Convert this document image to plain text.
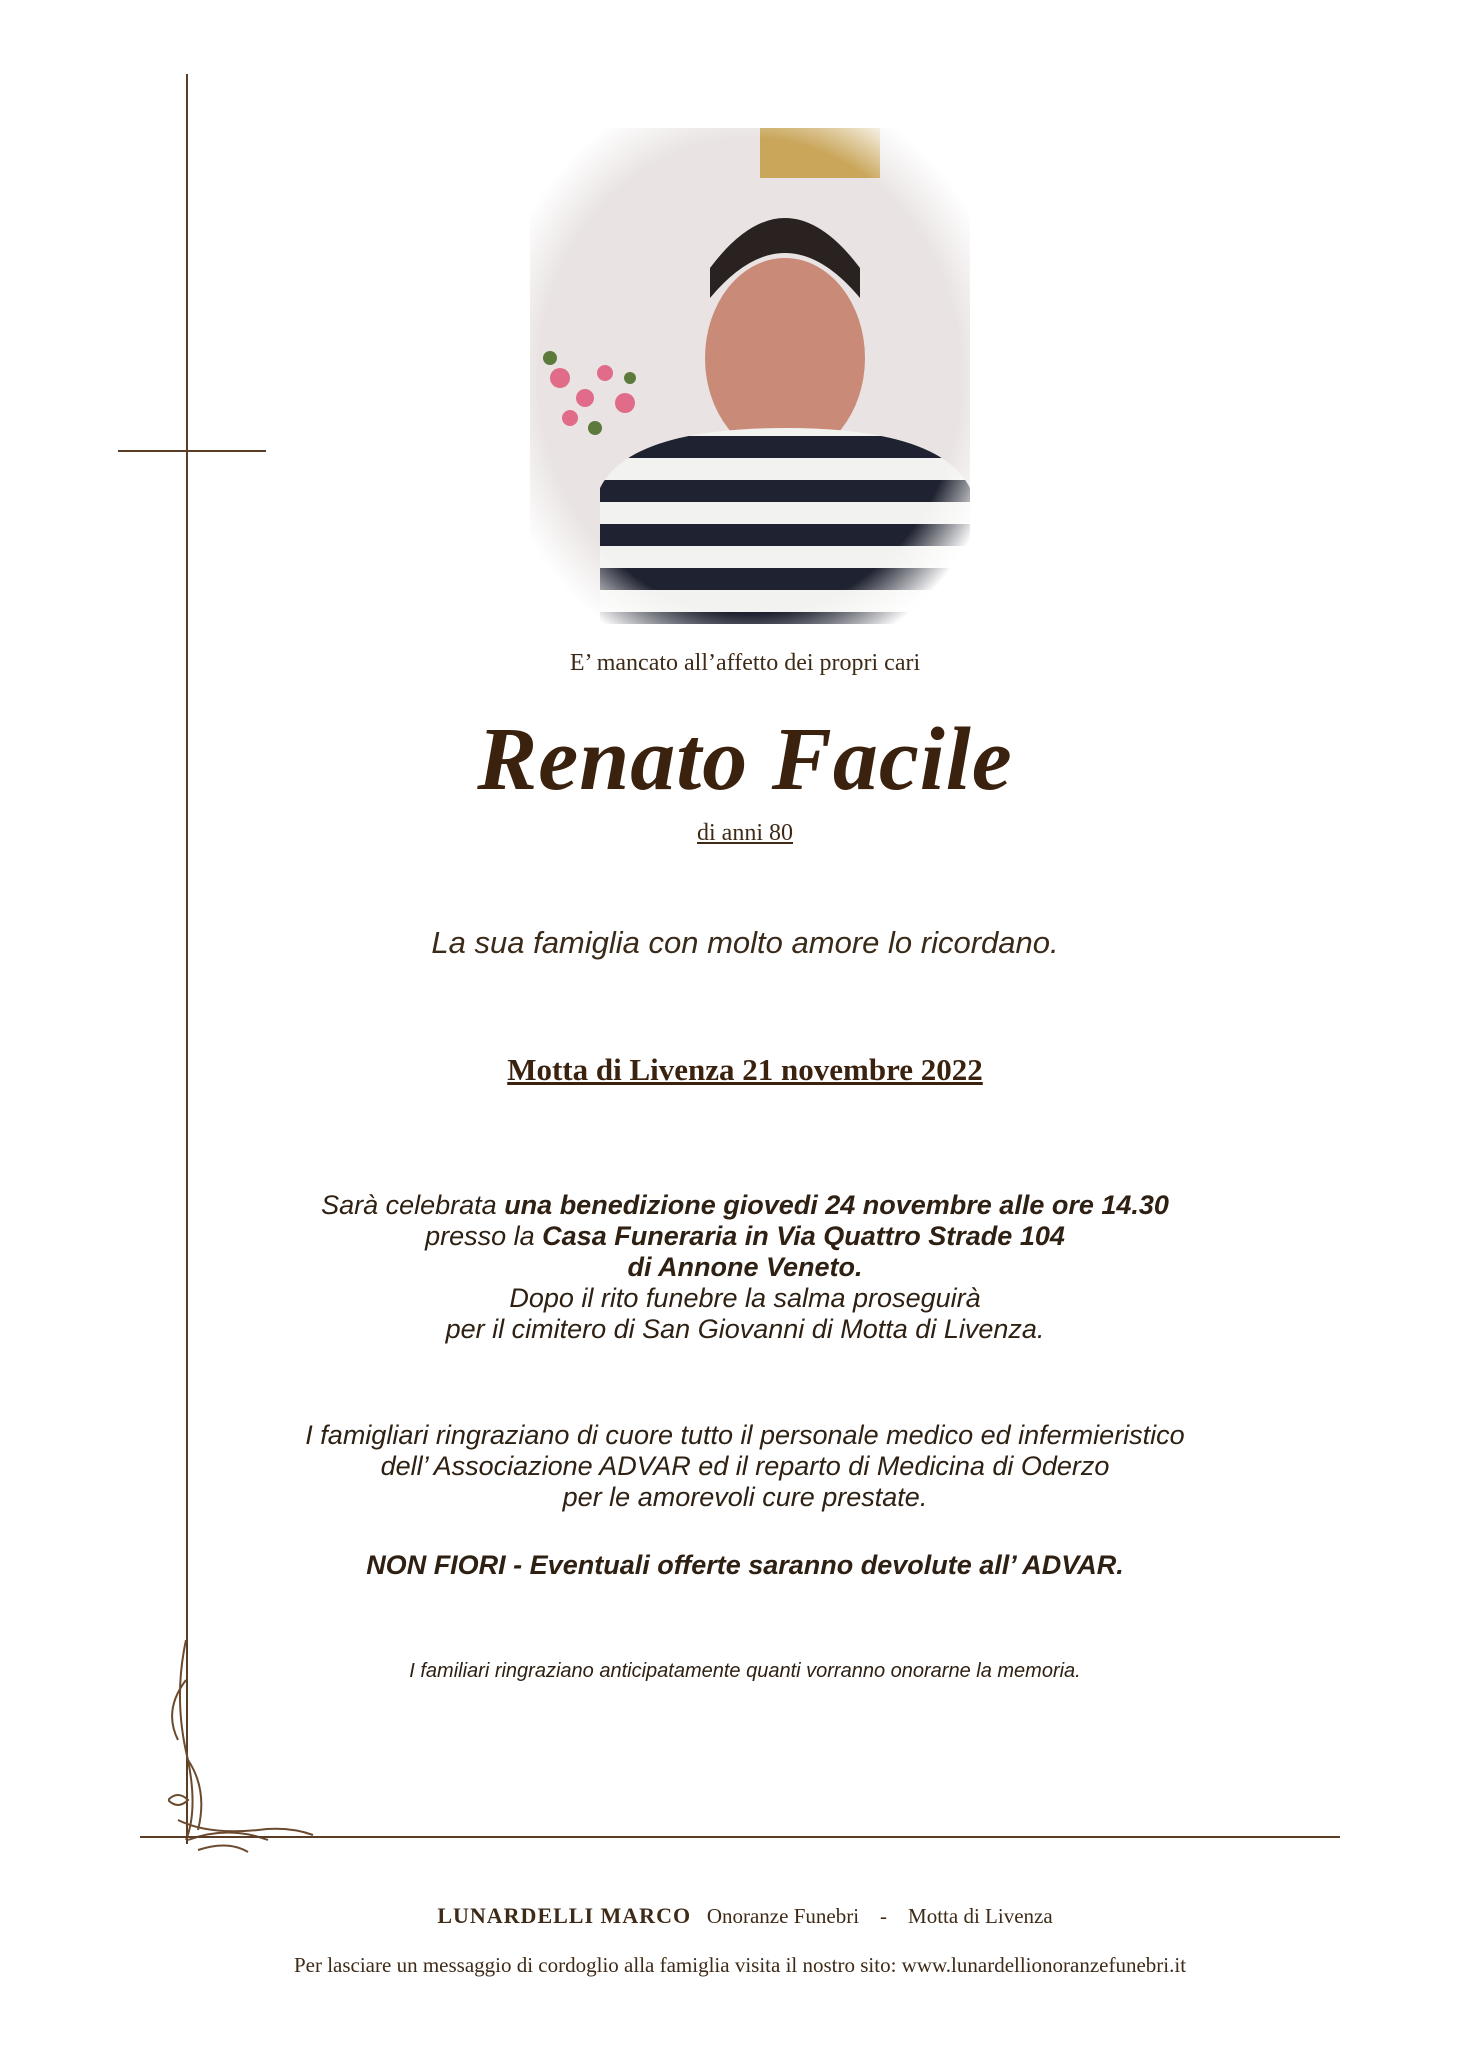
E’ mancato all’affetto dei propri cari
Renato Facile
di anni 80
La sua famiglia con molto amore lo ricordano.
Motta di Livenza 21 novembre 2022
Sarà celebrata una benedizione giovedi 24 novembre alle ore 14.30
presso la Casa Funeraria in Via Quattro Strade 104
di Annone Veneto.
Dopo il rito funebre la salma proseguirà
per il cimitero di San Giovanni di Motta di Livenza.
I famigliari ringraziano di cuore tutto il personale medico ed infermieristico
dell’ Associazione ADVAR ed il reparto di Medicina di Oderzo
per le amorevoli cure prestate.
NON FIORI - Eventuali offerte saranno devolute all’ ADVAR.
I familiari ringraziano anticipatamente quanti vorranno onorarne la memoria.
LUNARDELLI MARCO Onoranze Funebri - Motta di Livenza
Per lasciare un messaggio di cordoglio alla famiglia visita il nostro sito: www.lunardellionoranzefunebri.it
